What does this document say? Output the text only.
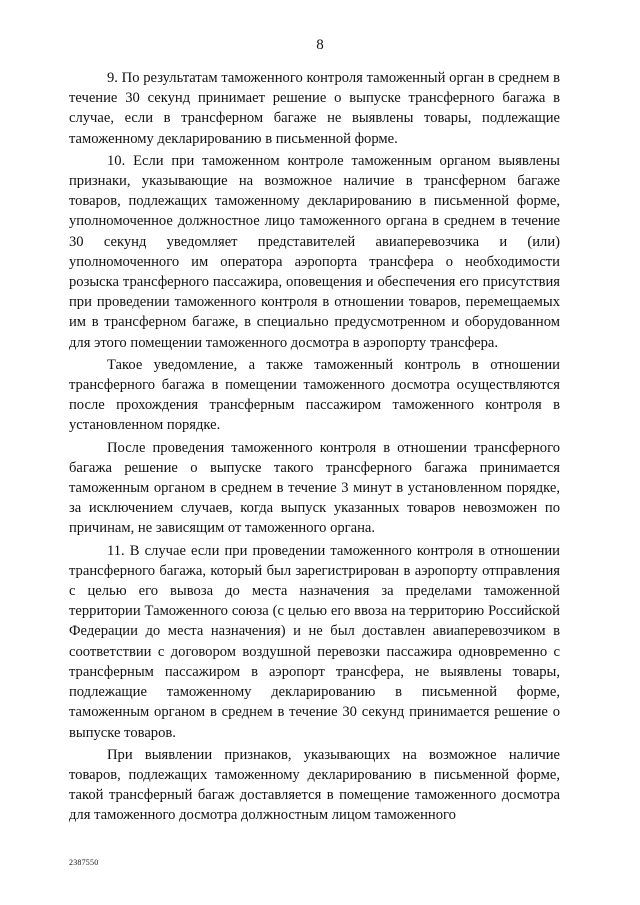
8

9. По результатам таможенного контроля таможенный орган в среднем в течение 30 секунд принимает решение о выпуске трансферного багажа в случае, если в трансферном багаже не выявлены товары, подлежащие таможенному декларированию в письменной форме.

10. Если при таможенном контроле таможенным органом выявлены признаки, указывающие на возможное наличие в трансферном багаже товаров, подлежащих таможенному декларированию в письменной форме, уполномоченное должностное лицо таможенного органа в среднем в течение 30 секунд уведомляет представителей авиаперевозчика и (или) уполномоченного им оператора аэропорта трансфера о необходимости розыска трансферного пассажира, оповещения и обеспечения его присутствия при проведении таможенного контроля в отношении товаров, перемещаемых им в трансферном багаже, в специально предусмотренном и оборудованном для этого помещении таможенного досмотра в аэропорту трансфера.

Такое уведомление, а также таможенный контроль в отношении трансферного багажа в помещении таможенного досмотра осуществляются после прохождения трансферным пассажиром таможенного контроля в установленном порядке.

После проведения таможенного контроля в отношении трансферного багажа решение о выпуске такого трансферного багажа принимается таможенным органом в среднем в течение 3 минут в установленном порядке, за исключением случаев, когда выпуск указанных товаров невозможен по причинам, не зависящим от таможенного органа.

11. В случае если при проведении таможенного контроля в отношении трансферного багажа, который был зарегистрирован в аэропорту отправления с целью его вывоза до места назначения за пределами таможенной территории Таможенного союза (с целью его ввоза на территорию Российской Федерации до места назначения) и не был доставлен авиаперевозчиком в соответствии с договором воздушной перевозки пассажира одновременно с трансферным пассажиром в аэропорт трансфера, не выявлены товары, подлежащие таможенному декларированию в письменной форме, таможенным органом в среднем в течение 30 секунд принимается решение о выпуске товаров.

При выявлении признаков, указывающих на возможное наличие товаров, подлежащих таможенному декларированию в письменной форме, такой трансферный багаж доставляется в помещение таможенного досмотра для таможенного досмотра должностным лицом таможенного

2387550
